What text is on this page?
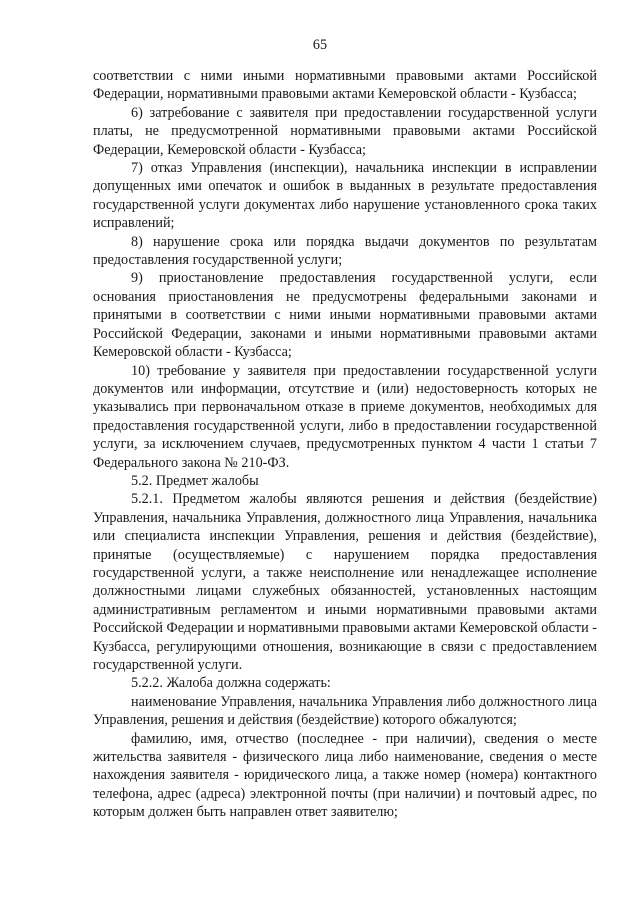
65

соответствии с ними иными нормативными правовыми актами Российской Федерации, нормативными правовыми актами Кемеровской области - Кузбасса;

6) затребование с заявителя при предоставлении государственной услуги платы, не предусмотренной нормативными правовыми актами Российской Федерации, Кемеровской области - Кузбасса;

7) отказ Управления (инспекции), начальника инспекции в исправлении допущенных ими опечаток и ошибок в выданных в результате предоставления государственной услуги документах либо нарушение установленного срока таких исправлений;

8) нарушение срока или порядка выдачи документов по результатам предоставления государственной услуги;

9) приостановление предоставления государственной услуги, если основания приостановления не предусмотрены федеральными законами и принятыми в соответствии с ними иными нормативными правовыми актами Российской Федерации, законами и иными нормативными правовыми актами Кемеровской области - Кузбасса;

10) требование у заявителя при предоставлении государственной услуги документов или информации, отсутствие и (или) недостоверность которых не указывались при первоначальном отказе в приеме документов, необходимых для предоставления государственной услуги, либо в предоставлении государственной услуги, за исключением случаев, предусмотренных пунктом 4 части 1 статьи 7 Федерального закона № 210-ФЗ.

5.2. Предмет жалобы

5.2.1. Предметом жалобы являются решения и действия (бездействие) Управления, начальника Управления, должностного лица Управления, начальника или специалиста инспекции Управления, решения и действия (бездействие), принятые (осуществляемые) с нарушением порядка предоставления государственной услуги, а также неисполнение или ненадлежащее исполнение должностными лицами служебных обязанностей, установленных настоящим административным регламентом и иными нормативными правовыми актами Российской Федерации и нормативными правовыми актами Кемеровской области - Кузбасса, регулирующими отношения, возникающие в связи с предоставлением государственной услуги.

5.2.2. Жалоба должна содержать:

наименование Управления, начальника Управления либо должностного лица Управления, решения и действия (бездействие) которого обжалуются;

фамилию, имя, отчество (последнее - при наличии), сведения о месте жительства заявителя - физического лица либо наименование, сведения о месте нахождения заявителя - юридического лица, а также номер (номера) контактного телефона, адрес (адреса) электронной почты (при наличии) и почтовый адрес, по которым должен быть направлен ответ заявителю;
